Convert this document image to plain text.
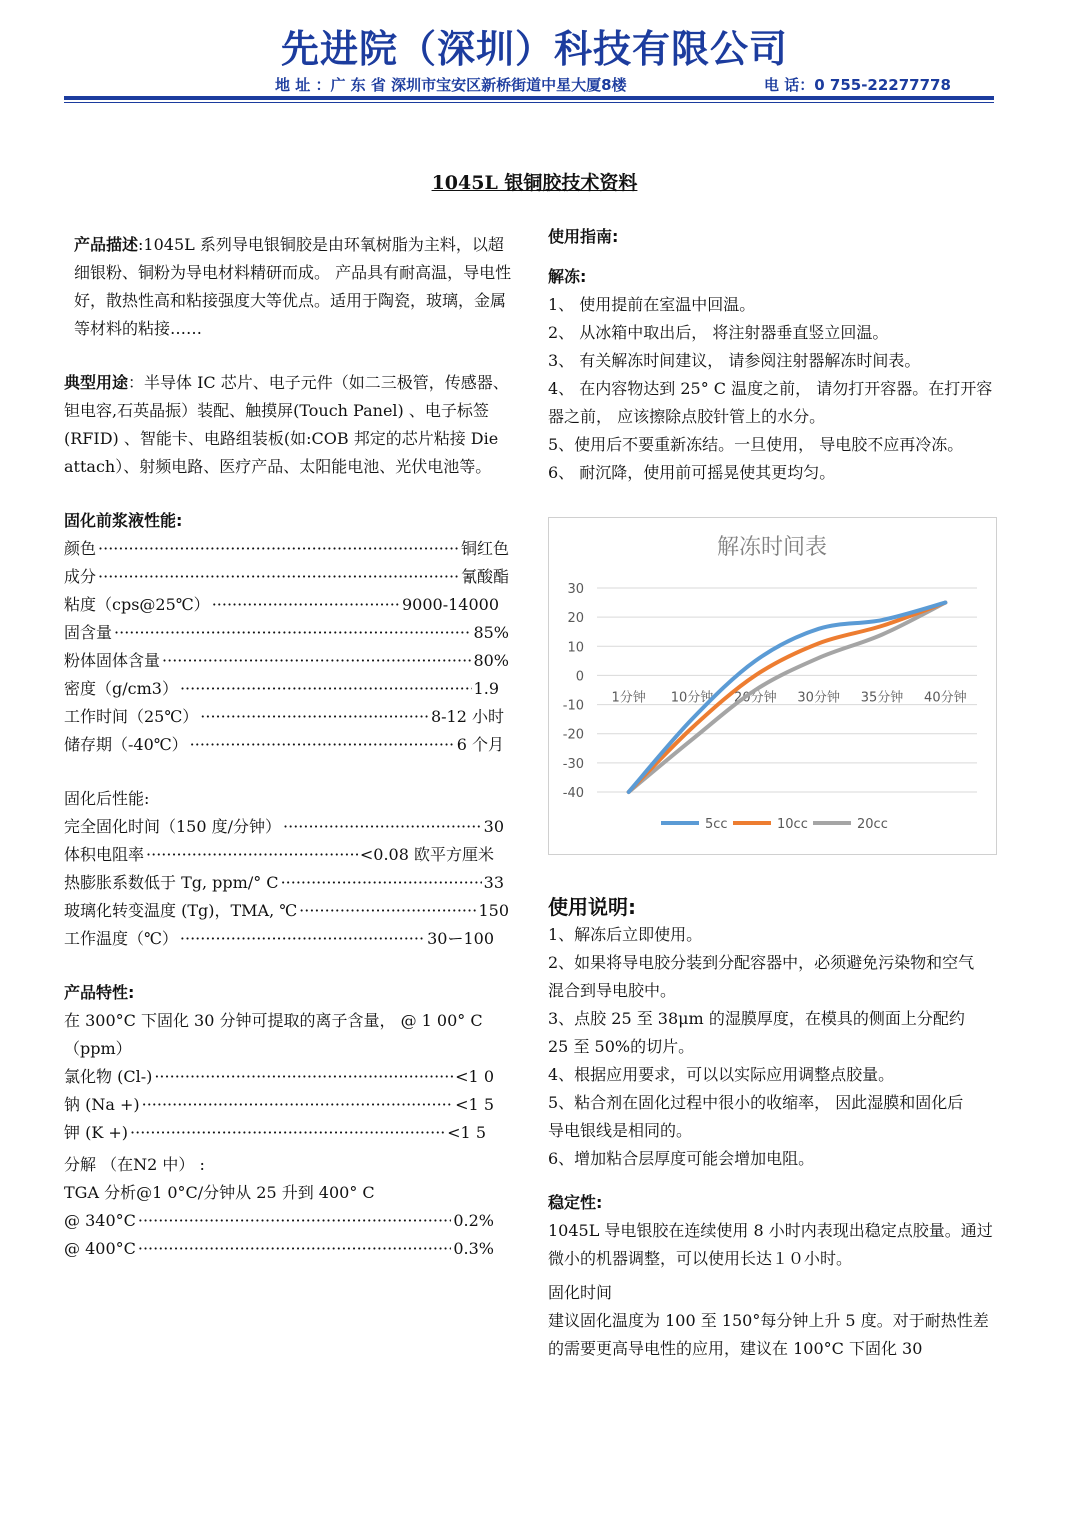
先进院（深圳）科技有限公司
地 址 ：广 东 省 深圳市宝安区新桥街道中星大厦8楼	电 话：0 755-22277778
1045L 银铜胶技术资料

产品描述:1045L 系列导电银铜胶是由环氧树脂为主料，以超细银粉、铜粉为导电材料精研而成。 产品具有耐高温，导电性好，散热性高和粘接强度大等优点。适用于陶瓷，玻璃，金属等材料的粘接……

典型用途：半导体 IC 芯片、电子元件（如二三极管，传感器、钽电容,石英晶振）装配、触摸屏(Touch Panel) 、电子标签(RFID) 、智能卡、电路组装板(如:COB 邦定的芯片粘接 Die attach）、射频电路、医疗产品、太阳能电池、光伏电池等。

固化前浆液性能:
颜色 ·····	铜红色
成分 ·····	氰酸酯
粘度（cps@25℃） ·····	9000-14000
固含量 ·····	85%
粉体固体含量 ·····	80%
密度（g/cm3） ·····	1.9
工作时间（25℃） ·····	8-12 小时
储存期（-40℃） ·····	6 个月
固化后性能:
完全固化时间（150 度/分钟） ·····	30
体积电阻率 ·····	<0.08 欧平方厘米
热膨胀系数低于 Tg, ppm/° C ·····	33
玻璃化转变温度 (Tg)，TMA, ℃ ·····	150
工作温度（℃） ·····	30ー100
产品特性:

在 300°C 下固化 30 分钟可提取的离子含量， @ 1 00° C（ppm）

氯化物 (Cl-) ·····	<1 0
钠 (Na +) ·····	<1 5
钾 (K +) ·····	<1 5
分解 （在N2 中） :
TGA 分析@1 0°C/分钟从 25 升到 400° C
@ 340°C ·····	0.2%
@ 400°C ·····	0.3%
使用指南:
解冻:
1、 使用提前在室温中回温。
2、 从冰箱中取出后， 将注射器垂直竖立回温。
3、 有关解冻时间建议， 请参阅注射器解冻时间表。
4、 在内容物达到 25° C 温度之前， 请勿打开容器。在打开容器之前， 应该擦除点胶针管上的水分。
5、使用后不要重新冻结。一旦使用， 导电胶不应再冷冻。
6、 耐沉降，使用前可摇晃使其更均匀。
解冻时间表
30
20
10
0
-10
-20
-30
-40
1分钟 10分钟 20分钟 30分钟 35分钟 40分钟
5cc	10cc	20cc
使用说明:
1、解冻后立即使用。
2、如果将导电胶分装到分配容器中，必须避免污染物和空气混合到导电胶中。
3、点胶 25 至 38μm 的湿膜厚度，在模具的侧面上分配约 25 至 50%的切片。
4、根据应用要求，可以以实际应用调整点胶量。
5、粘合剂在固化过程中很小的收缩率， 因此湿膜和固化后导电银线是相同的。
6、增加粘合层厚度可能会增加电阻。
稳定性:
1045L 导电银胶在连续使用 8 小时内表现出稳定点胶量。通过微小的机器调整，可以使用长达１０小时。
固化时间
建议固化温度为 100 至 150°每分钟上升 5 度。对于耐热性差的需要更高导电性的应用，建议在 100°C 下固化 30
